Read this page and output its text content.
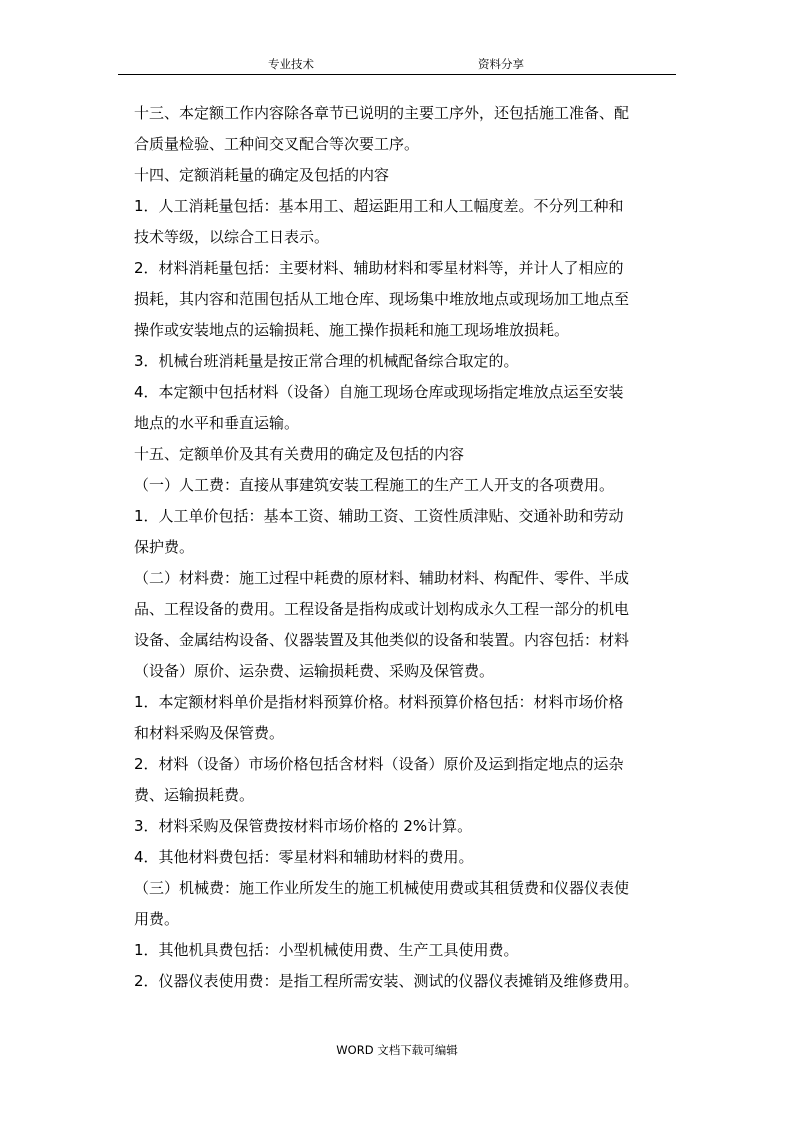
专业技术	资料分享
十三、本定额工作内容除各章节已说明的主要工序外，还包括施工准备、配
合质量检验、工种间交叉配合等次要工序。
十四、定额消耗量的确定及包括的内容
1．人工消耗量包括：基本用工、超运距用工和人工幅度差。不分列工种和
技术等级，以综合工日表示。
2．材料消耗量包括：主要材料、辅助材料和零星材料等，并计人了相应的
损耗，其内容和范围包括从工地仓库、现场集中堆放地点或现场加工地点至
操作或安装地点的运输损耗、施工操作损耗和施工现场堆放损耗。
3．机械台班消耗量是按正常合理的机械配备综合取定的。
4．本定额中包括材料（设备）自施工现场仓库或现场指定堆放点运至安装
地点的水平和垂直运输。
十五、定额单价及其有关费用的确定及包括的内容
（一）人工费：直接从事建筑安装工程施工的生产工人开支的各项费用。
1．人工单价包括：基本工资、辅助工资、工资性质津贴、交通补助和劳动
保护费。
（二）材料费：施工过程中耗费的原材料、辅助材料、构配件、零件、半成
品、工程设备的费用。工程设备是指构成或计划构成永久工程一部分的机电
设备、金属结构设备、仪器装置及其他类似的设备和装置。内容包括：材料
（设备）原价、运杂费、运输损耗费、采购及保管费。
1．本定额材料单价是指材料预算价格。材料预算价格包括：材料市场价格
和材料采购及保管费。
2．材料（设备）市场价格包括含材料（设备）原价及运到指定地点的运杂
费、运输损耗费。
3．材料采购及保管费按材料市场价格的 2%计算。
4．其他材料费包括：零星材料和辅助材料的费用。
（三）机械费：施工作业所发生的施工机械使用费或其租赁费和仪器仪表使
用费。
1．其他机具费包括：小型机械使用费、生产工具使用费。
2．仪器仪表使用费：是指工程所需安装、测试的仪器仪表摊销及维修费用。
WORD 文档下载可编辑
